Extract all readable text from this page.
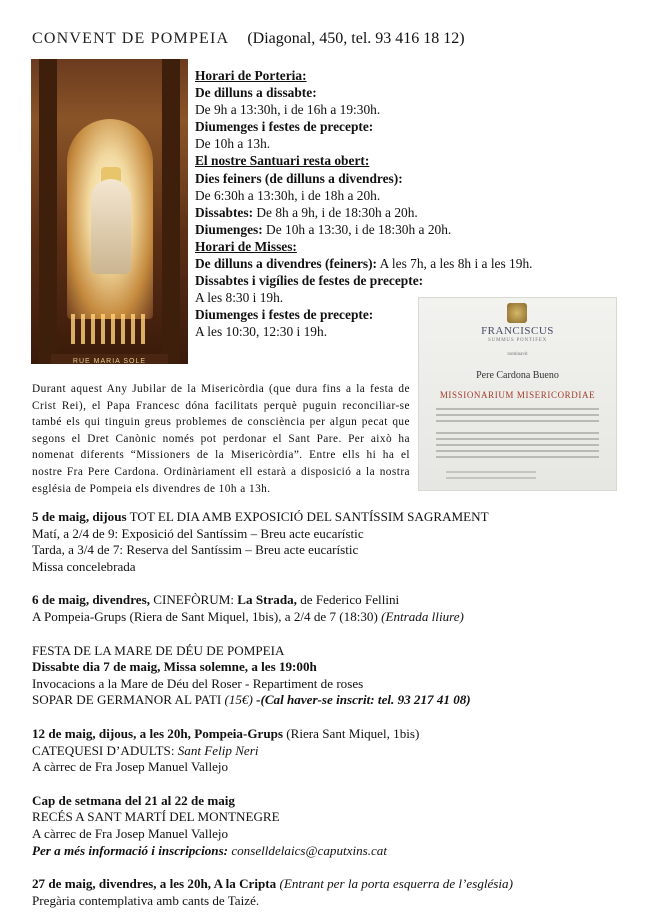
CONVENT DE POMPEIA (Diagonal, 450, tel. 93 416 18 12)
RUE MARIA SOLE
Horari de Porteria:
De dilluns a dissabte:
De 9h a 13:30h, i de 16h a 19:30h.
Diumenges i festes de precepte:
De 10h a 13h.
El nostre Santuari resta obert:
Dies feiners (de dilluns a divendres):
De 6:30h a 13:30h, i de 18h a 20h.
Dissabtes: De 8h a 9h, i de 18:30h a 20h.
Diumenges: De 10h a 13:30, i de 18:30h a 20h.
Horari de Misses:
De dilluns a divendres (feiners): A les 7h, a les 8h i a les 19h.
Dissabtes i vigílies de festes de precepte:
A les 8:30 i 19h.
Diumenges i festes de precepte:
A les 10:30, 12:30 i 19h.	FRANCISCUS
SUMMUS PONTIFEX
nominavit
Pere Cardona Bueno
MISSIONARIUM MISERICORDIAE
Durant aquest Any Jubilar de la Misericòrdia (que dura fins a la festa de Crist Rei), el Papa Francesc dóna facilitats perquè puguin reconciliar-se també els qui tinguin greus problemes de consciència per algun pecat que segons el Dret Canònic només pot perdonar el Sant Pare. Per això ha nomenat diferents “Missioners de la Misericòrdia”. Entre ells hi ha el nostre Fra Pere Cardona. Ordinàriament ell estarà a disposició a la nostra església de Pompeia els divendres de 10h a 13h.
5 de maig, dijous TOT EL DIA AMB EXPOSICIÓ DEL SANTÍSSIM SAGRAMENT
Matí, a 2/4 de 9: Exposició del Santíssim – Breu acte eucarístic
Tarda, a 3/4 de 7: Reserva del Santíssim – Breu acte eucarístic
Missa concelebrada
6 de maig, divendres, CINEFÒRUM: La Strada, de Federico Fellini
A Pompeia-Grups (Riera de Sant Miquel, 1bis), a 2/4 de 7 (18:30) (Entrada lliure)
FESTA DE LA MARE DE DÉU DE POMPEIA
Dissabte dia 7 de maig, Missa solemne, a les 19:00h
Invocacions a la Mare de Déu del Roser - Repartiment de roses
SOPAR DE GERMANOR AL PATI (15€) -(Cal haver-se inscrit: tel. 93 217 41 08)
12 de maig, dijous, a les 20h, Pompeia-Grups (Riera Sant Miquel, 1bis)
CATEQUESI D’ADULTS: Sant Felip Neri
A càrrec de Fra Josep Manuel Vallejo
Cap de setmana del 21 al 22 de maig
RECÉS A SANT MARTÍ DEL MONTNEGRE
A càrrec de Fra Josep Manuel Vallejo
Per a més informació i inscripcions: conselldelaics@caputxins.cat
27 de maig, divendres, a les 20h, A la Cripta (Entrant per la porta esquerra de l’església)
Pregària contemplativa amb cants de Taizé.
